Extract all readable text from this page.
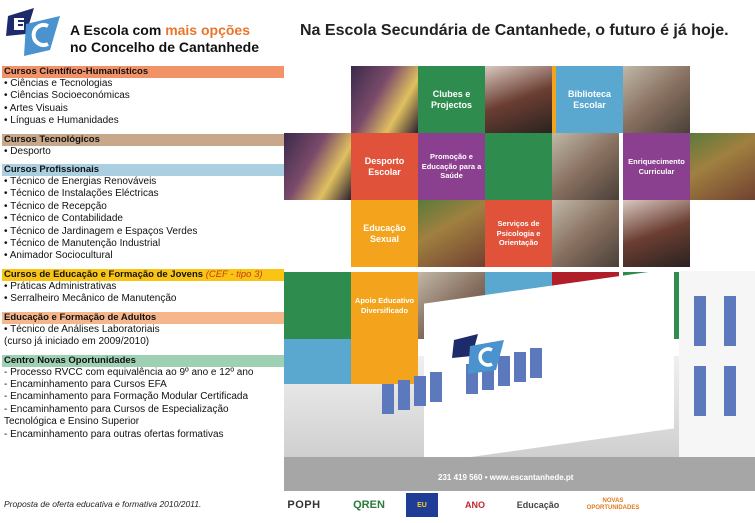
A Escola com mais opções
no Concelho de Cantanhede
Na Escola Secundária de Cantanhede, o futuro é já hoje.
Cursos Científico-Humanísticos
• Ciências e Tecnologias
• Ciências Socioeconómicas
• Artes Visuais
• Línguas e Humanidades
Cursos Tecnológicos
• Desporto
Cursos Profissionais
• Técnico de Energias Renováveis
• Técnico de Instalações Eléctricas
• Técnico de Recepção
• Técnico de Contabilidade
• Técnico de Jardinagem e Espaços Verdes
• Técnico de Manutenção Industrial
• Animador Sociocultural
Cursos de Educação e Formação de Jovens (CEF - tipo 3)
• Práticas Administrativas
• Serralheiro Mecânico de Manutenção
Educação e Formação de Adultos
• Técnico de Análises Laboratoriais
(curso já iniciado em 2009/2010)
Centro Novas Oportunidades
- Processo RVCC com equivalência ao 9º ano e 12º ano
- Encaminhamento para Cursos EFA
- Encaminhamento para Formação Modular Certificada
- Encaminhamento para Cursos de Especialização
Tecnológica e Ensino Superior
- Encaminhamento para outras ofertas formativas
Proposta de oferta educativa e formativa 2010/2011.
Clubes e Projectos
Biblioteca Escolar
Desporto Escolar
Promoção e Educação para a Saúde
Enriquecimento Curricular
Educação Sexual
Serviços de Psicologia e Orientação
Apoio Educativo Diversificado
231 419 560 • www.escantanhede.pt
POPH	QREN	EU	ANO	Educação	NOVAS OPORTUNIDADES
